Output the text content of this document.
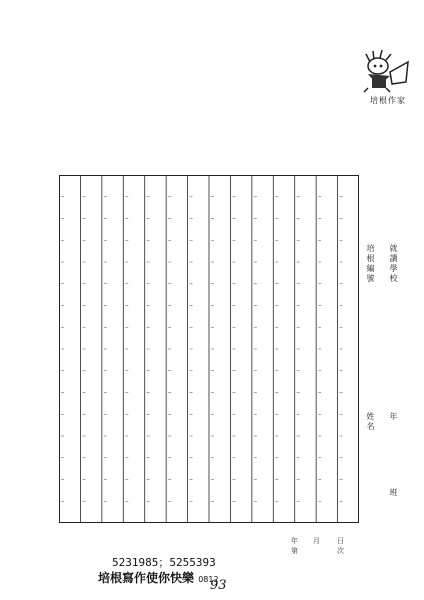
培根作家
培根編號
姓名
就讀學校
年
班
年 月 日
第	次
5231985；5255393
培根寫作使你快樂 0812
93
